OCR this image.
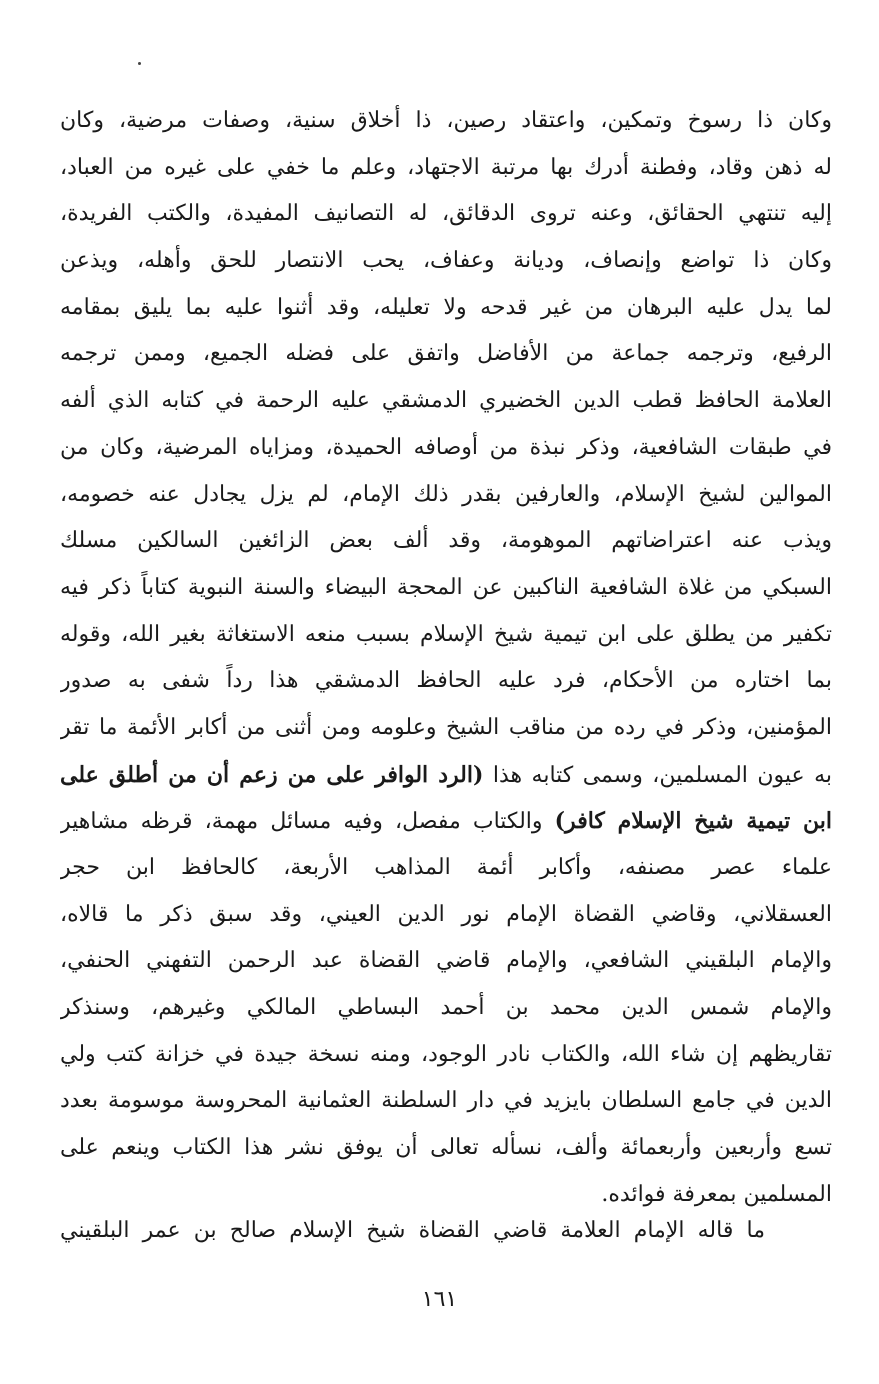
وكان ذا رسوخ وتمكين، واعتقاد رصين، ذا أخلاق سنية، وصفات مرضية، وكان
له ذهن وقاد، وفطنة أدرك بها مرتبة الاجتهاد، وعلم ما خفي على غيره من العباد،
إليه تنتهي الحقائق، وعنه تروى الدقائق، له التصانيف المفيدة، والكتب الفريدة،
وكان ذا تواضع وإنصاف، وديانة وعفاف، يحب الانتصار للحق وأهله، ويذعن
لما يدل عليه البرهان من غير قدحه ولا تعليله، وقد أثنوا عليه بما يليق بمقامه
الرفيع، وترجمه جماعة من الأفاضل واتفق على فضله الجميع، وممن ترجمه
العلامة الحافظ قطب الدين الخضيري الدمشقي عليه الرحمة في كتابه الذي ألفه
في طبقات الشافعية، وذكر نبذة من أوصافه الحميدة، ومزاياه المرضية، وكان من
الموالين لشيخ الإسلام، والعارفين بقدر ذلك الإمام، لم يزل يجادل عنه خصومه،
ويذب عنه اعتراضاتهم الموهومة، وقد ألف بعض الزائغين السالكين مسلك
السبكي من غلاة الشافعية الناكبين عن المحجة البيضاء والسنة النبوية كتاباً ذكر فيه
تكفير من يطلق على ابن تيمية شيخ الإسلام بسبب منعه الاستغاثة بغير الله، وقوله
بما اختاره من الأحكام، فرد عليه الحافظ الدمشقي هذا رداً شفى به صدور
المؤمنين، وذكر في رده من مناقب الشيخ وعلومه ومن أثنى من أكابر الأئمة ما تقر
به عيون المسلمين، وسمى كتابه هذا (الرد الوافر على من زعم أن من أطلق على
ابن تيمية شيخ الإسلام كافر) والكتاب مفصل، وفيه مسائل مهمة، قرظه مشاهير
علماء عصر مصنفه، وأكابر أئمة المذاهب الأربعة، كالحافظ ابن حجر
العسقلاني، وقاضي القضاة الإمام نور الدين العيني، وقد سبق ذكر ما قالاه،
والإمام البلقيني الشافعي، والإمام قاضي القضاة عبد الرحمن التفهني الحنفي،
والإمام شمس الدين محمد بن أحمد البساطي المالكي وغيرهم، وسنذكر
تقاريظهم إن شاء الله، والكتاب نادر الوجود، ومنه نسخة جيدة في خزانة كتب ولي
الدين في جامع السلطان بايزيد في دار السلطنة العثمانية المحروسة موسومة بعدد
تسع وأربعين وأربعمائة وألف، نسأله تعالى أن يوفق نشر هذا الكتاب وينعم على
المسلمين بمعرفة فوائده.
ما قاله الإمام العلامة قاضي القضاة شيخ الإسلام صالح بن عمر البلقيني
١٦١
